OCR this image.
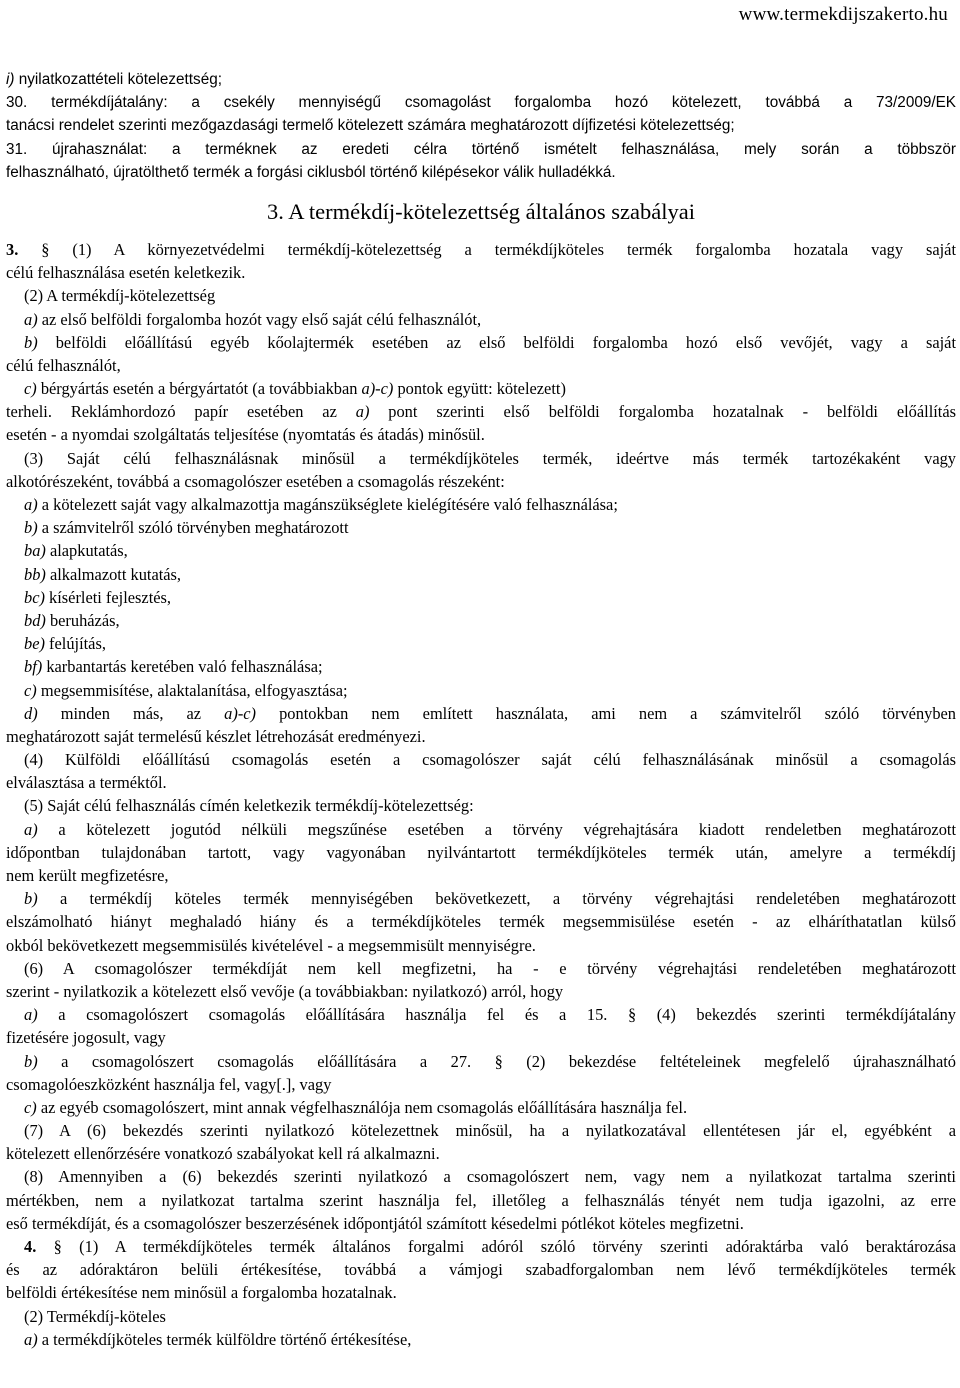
www.termekdijszakerto.hu
i) nyilatkozattételi kötelezettség;
30. termékdíjátalány: a csekély mennyiségű csomagolást forgalomba hozó kötelezett, továbbá a 73/2009/EK
tanácsi rendelet szerinti mezőgazdasági termelő kötelezett számára meghatározott díjfizetési kötelezettség;
31. újrahasználat: a terméknek az eredeti célra történő ismételt felhasználása, mely során a többször
felhasználható, újratölthető termék a forgási ciklusból történő kilépésekor válik hulladékká.
3. A termékdíj-kötelezettség általános szabályai
3. § (1) A környezetvédelmi termékdíj-kötelezettség a termékdíjköteles termék forgalomba hozatala vagy saját
célú felhasználása esetén keletkezik.
(2) A termékdíj-kötelezettség
a) az első belföldi forgalomba hozót vagy első saját célú felhasználót,
b) belföldi előállítású egyéb kőolajtermék esetében az első belföldi forgalomba hozó első vevőjét, vagy a saját
célú felhasználót,
c) bérgyártás esetén a bérgyártatót (a továbbiakban a)-c) pontok együtt: kötelezett)
terheli. Reklámhordozó papír esetében az a) pont szerinti első belföldi forgalomba hozatalnak - belföldi előállítás
esetén - a nyomdai szolgáltatás teljesítése (nyomtatás és átadás) minősül.
(3) Saját célú felhasználásnak minősül a termékdíjköteles termék, ideértve más termék tartozékaként vagy
alkotórészeként, továbbá a csomagolószer esetében a csomagolás részeként:
a) a kötelezett saját vagy alkalmazottja magánszükséglete kielégítésére való felhasználása;
b) a számvitelről szóló törvényben meghatározott
ba) alapkutatás,
bb) alkalmazott kutatás,
bc) kísérleti fejlesztés,
bd) beruházás,
be) felújítás,
bf) karbantartás keretében való felhasználása;
c) megsemmisítése, alaktalanítása, elfogyasztása;
d) minden más, az a)-c) pontokban nem említett használata, ami nem a számvitelről szóló törvényben
meghatározott saját termelésű készlet létrehozását eredményezi.
(4) Külföldi előállítású csomagolás esetén a csomagolószer saját célú felhasználásának minősül a csomagolás
elválasztása a terméktől.
(5) Saját célú felhasználás címén keletkezik termékdíj-kötelezettség:
a) a kötelezett jogutód nélküli megszűnése esetében a törvény végrehajtására kiadott rendeletben meghatározott
időpontban tulajdonában tartott, vagy vagyonában nyilvántartott termékdíjköteles termék után, amelyre a termékdíj
nem került megfizetésre,
b) a termékdíj köteles termék mennyiségében bekövetkezett, a törvény végrehajtási rendeletében meghatározott
elszámolható hiányt meghaladó hiány és a termékdíjköteles termék megsemmisülése esetén - az elháríthatatlan külső
okból bekövetkezett megsemmisülés kivételével - a megsemmisült mennyiségre.
(6) A csomagolószer termékdíját nem kell megfizetni, ha - e törvény végrehajtási rendeletében meghatározott
szerint - nyilatkozik a kötelezett első vevője (a továbbiakban: nyilatkozó) arról, hogy
a) a csomagolószert csomagolás előállítására használja fel és a 15. § (4) bekezdés szerinti termékdíjátalány
fizetésére jogosult, vagy
b) a csomagolószert csomagolás előállítására a 27. § (2) bekezdése feltételeinek megfelelő újrahasználható
csomagolóeszközként használja fel, vagy[.], vagy
c) az egyéb csomagolószert, mint annak végfelhasználója nem csomagolás előállítására használja fel.
(7) A (6) bekezdés szerinti nyilatkozó kötelezettnek minősül, ha a nyilatkozatával ellentétesen jár el, egyébként a
kötelezett ellenőrzésére vonatkozó szabályokat kell rá alkalmazni.
(8) Amennyiben a (6) bekezdés szerinti nyilatkozó a csomagolószert nem, vagy nem a nyilatkozat tartalma szerinti
mértékben, nem a nyilatkozat tartalma szerint használja fel, illetőleg a felhasználás tényét nem tudja igazolni, az erre
eső termékdíját, és a csomagolószer beszerzésének időpontjától számított késedelmi pótlékot köteles megfizetni.
4. § (1) A termékdíjköteles termék általános forgalmi adóról szóló törvény szerinti adóraktárba való beraktározása
és az adóraktáron belüli értékesítése, továbbá a vámjogi szabadforgalomban nem lévő termékdíjköteles termék
belföldi értékesítése nem minősül a forgalomba hozatalnak.
(2) Termékdíj-köteles
a) a termékdíjköteles termék külföldre történő értékesítése,
